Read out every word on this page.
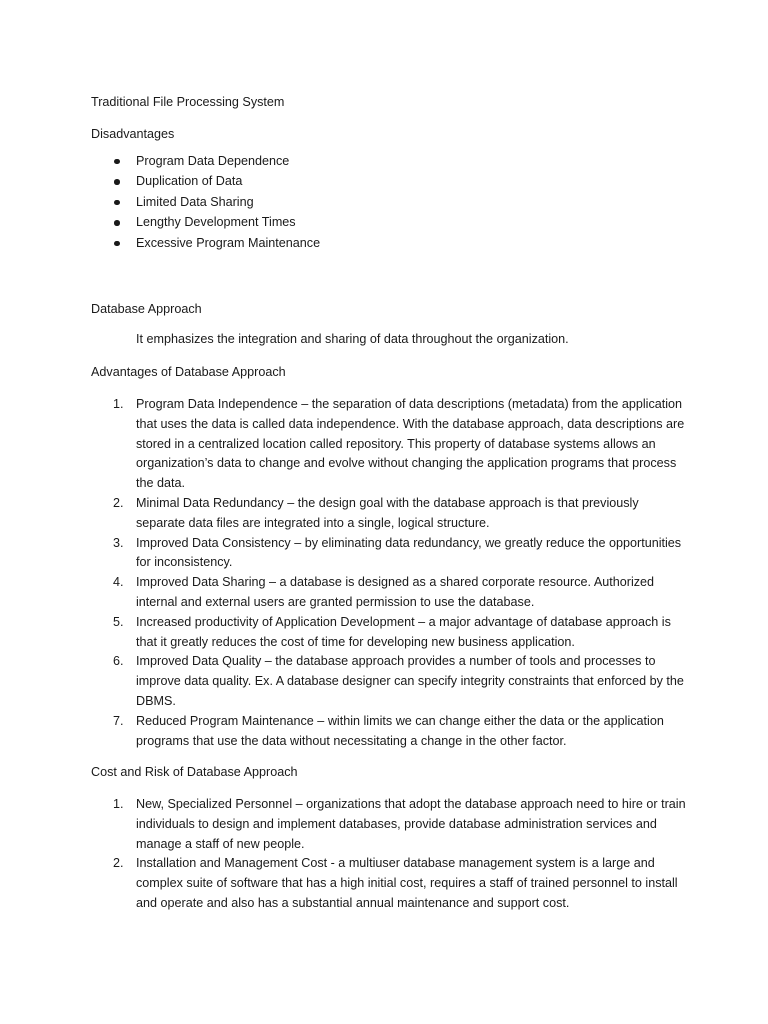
Traditional File Processing System
Disadvantages
Program Data Dependence
Duplication of Data
Limited Data Sharing
Lengthy Development Times
Excessive Program Maintenance
Database Approach

It emphasizes the integration and sharing of data throughout the organization.

Advantages of Database Approach
1. Program Data Independence – the separation of data descriptions (metadata) from the application that uses the data is called data independence. With the database approach, data descriptions are stored in a centralized location called repository. This property of database systems allows an organization’s data to change and evolve without changing the application programs that process the data.
2. Minimal Data Redundancy – the design goal with the database approach is that previously separate data files are integrated into a single, logical structure.
3. Improved Data Consistency – by eliminating data redundancy, we greatly reduce the opportunities for inconsistency.
4. Improved Data Sharing – a database is designed as a shared corporate resource. Authorized internal and external users are granted permission to use the database.
5. Increased productivity of Application Development – a major advantage of database approach is that it greatly reduces the cost of time for developing new business application.
6. Improved Data Quality – the database approach provides a number of tools and processes to improve data quality. Ex. A database designer can specify integrity constraints that enforced by the DBMS.
7. Reduced Program Maintenance – within limits we can change either the data or the application programs that use the data without necessitating a change in the other factor.
Cost and Risk of Database Approach
1. New, Specialized Personnel – organizations that adopt the database approach need to hire or train individuals to design and implement databases, provide database administration services and manage a staff of new people.
2. Installation and Management Cost - a multiuser database management system is a large and complex suite of software that has a high initial cost, requires a staff of trained personnel to install and operate and also has a substantial annual maintenance and support cost.
